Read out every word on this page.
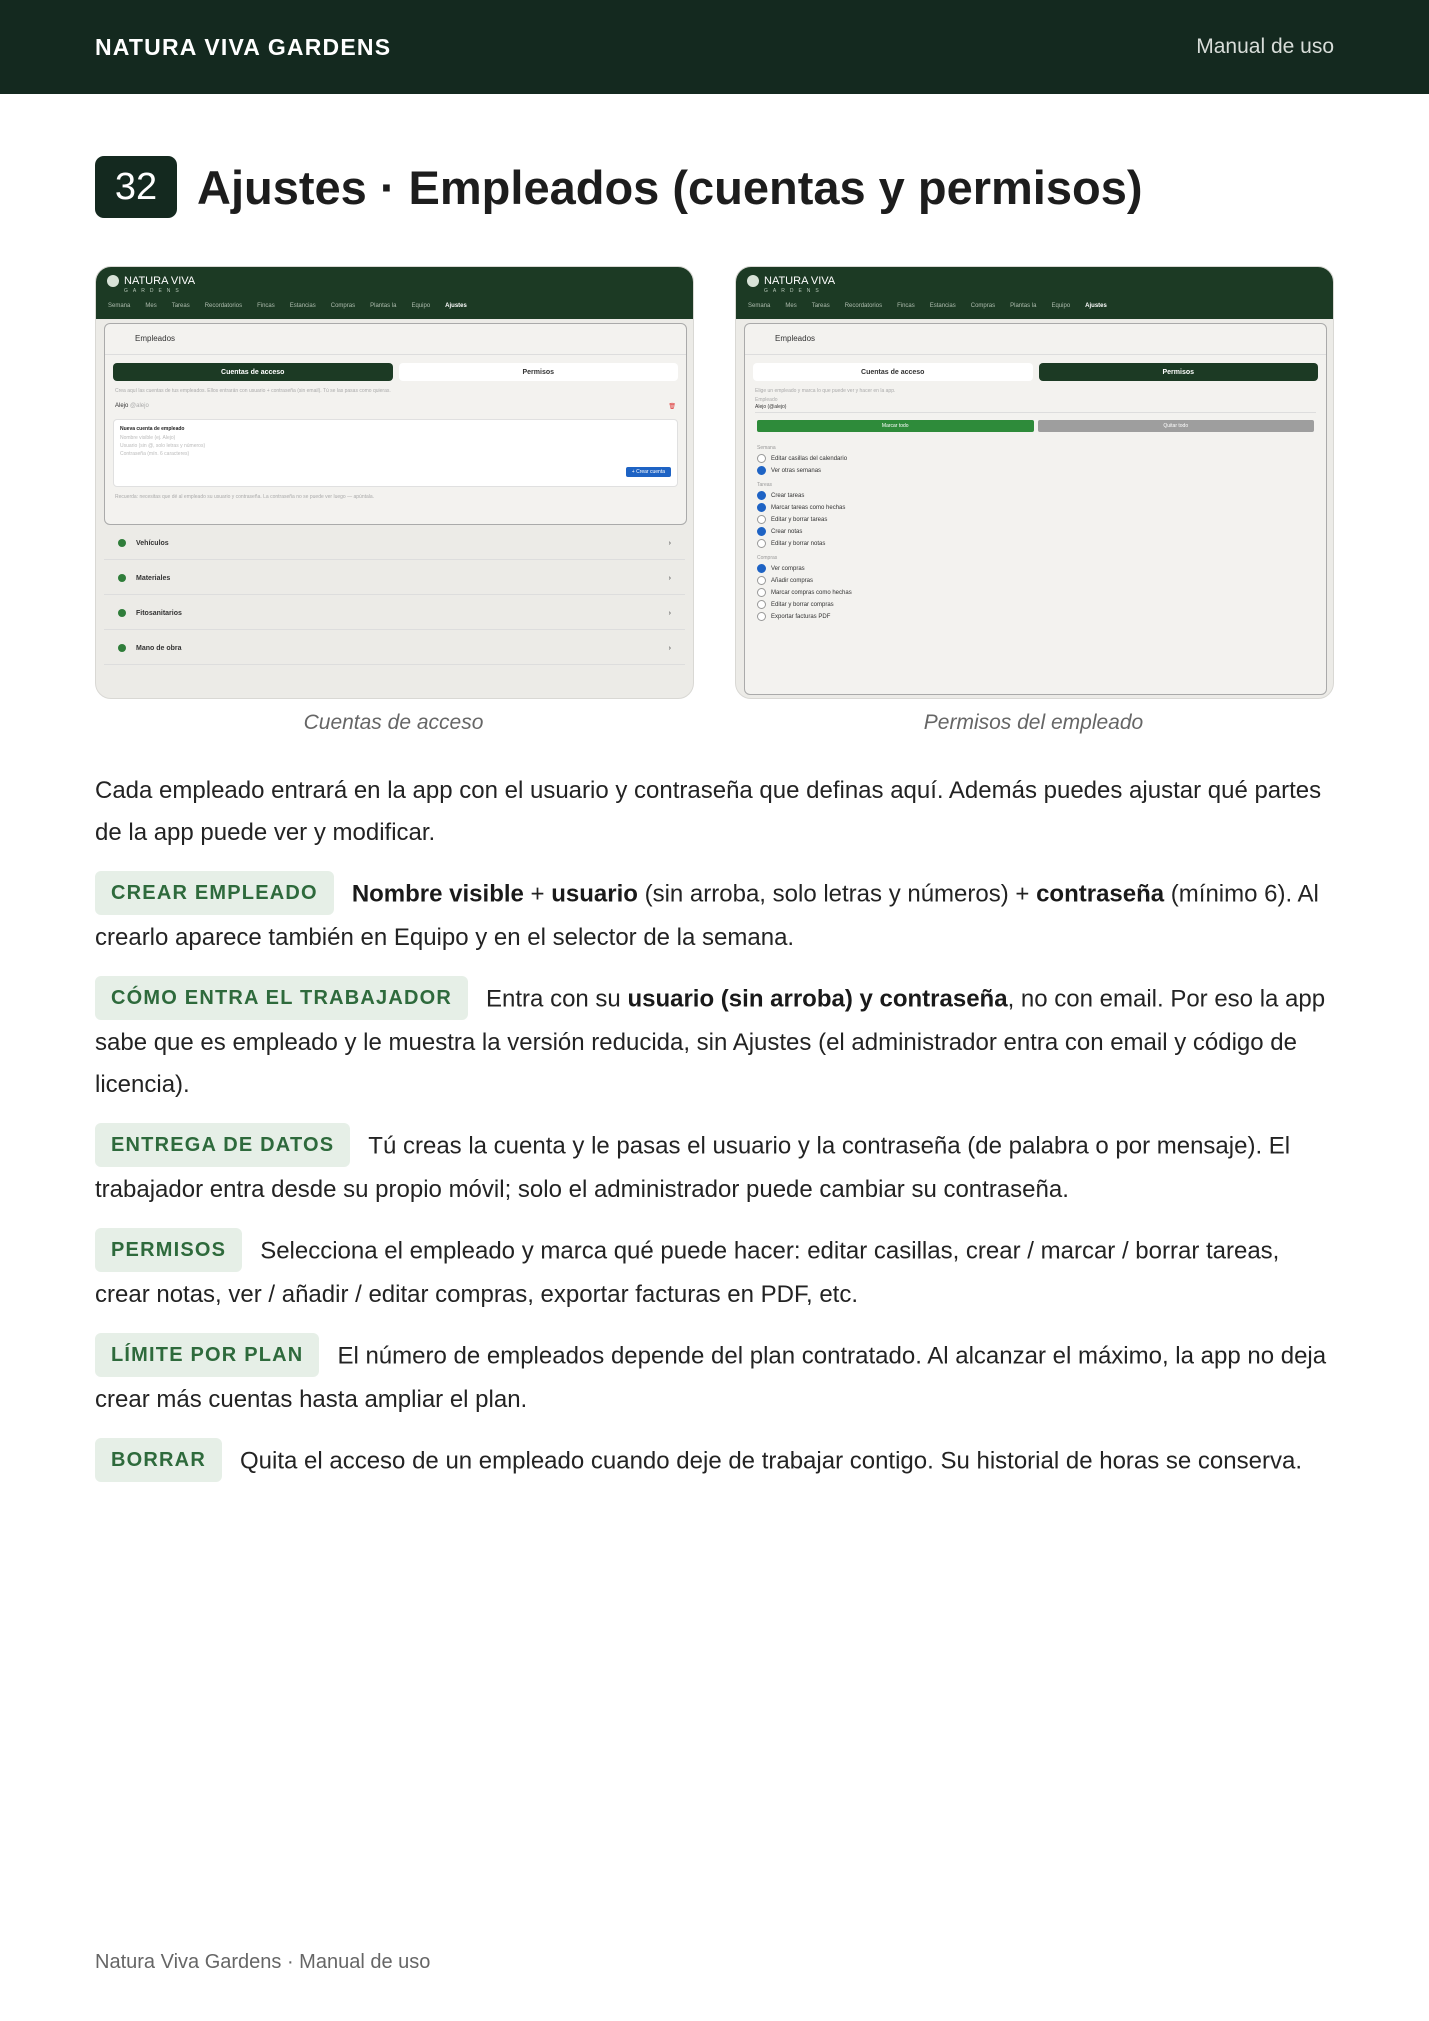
NATURA VIVA GARDENS	Manual de uso
32 Ajustes · Empleados (cuentas y permisos)
NATURA VIVA
GARDENS
Semana	Mes	Tareas	Recordatorios	Fincas	Estancias	Compras	Plantas la	Equipo	Ajustes
Empleados
Cuentas de acceso	Permisos
Crea aquí las cuentas de tus empleados. Ellos entrarán con usuario + contraseña (sin email). Tú se las pasas como quieras.
Alejo @alejo	🗑
Nueva cuenta de empleado
Nombre visible (ej. Alejo)
Usuario (sin @, solo letras y números)
Contraseña (mín. 6 caracteres)
+ Crear cuenta
Recuerda: necesitas que dé al empleado su usuario y contraseña. La contraseña no se puede ver luego — apúntala.
Vehículos	›
Materiales	›
Fitosanitarios	›
Mano de obra	›
Cuentas de acceso
NATURA VIVA
GARDENS
Semana	Mes	Tareas	Recordatorios	Fincas	Estancias	Compras	Plantas la	Equipo	Ajustes
Empleados
Cuentas de acceso	Permisos
Elige un empleado y marca lo que puede ver y hacer en la app.
Empleado
Alejo (@alejo)
Marcar todo	Quitar todo
Semana
Editar casillas del calendario
Ver otras semanas
Tareas
Crear tareas
Marcar tareas como hechas
Editar y borrar tareas
Crear notas
Editar y borrar notas
Compras
Ver compras
Añadir compras
Marcar compras como hechas
Editar y borrar compras
Exportar facturas PDF
Permisos del empleado

Cada empleado entrará en la app con el usuario y contraseña que definas aquí. Además puedes ajustar qué partes de la app puede ver y modificar.

CREAR EMPLEADO Nombre visible + usuario (sin arroba, solo letras y números) + contraseña (mínimo 6). Al crearlo aparece también en Equipo y en el selector de la semana.

CÓMO ENTRA EL TRABAJADOR Entra con su usuario (sin arroba) y contraseña, no con email. Por eso la app sabe que es empleado y le muestra la versión reducida, sin Ajustes (el administrador entra con email y código de licencia).

ENTREGA DE DATOS Tú creas la cuenta y le pasas el usuario y la contraseña (de palabra o por mensaje). El trabajador entra desde su propio móvil; solo el administrador puede cambiar su contraseña.

PERMISOS Selecciona el empleado y marca qué puede hacer: editar casillas, crear / marcar / borrar tareas, crear notas, ver / añadir / editar compras, exportar facturas en PDF, etc.

LÍMITE POR PLAN El número de empleados depende del plan contratado. Al alcanzar el máximo, la app no deja crear más cuentas hasta ampliar el plan.

BORRAR Quita el acceso de un empleado cuando deje de trabajar contigo. Su historial de horas se conserva.

Natura Viva Gardens · Manual de uso
